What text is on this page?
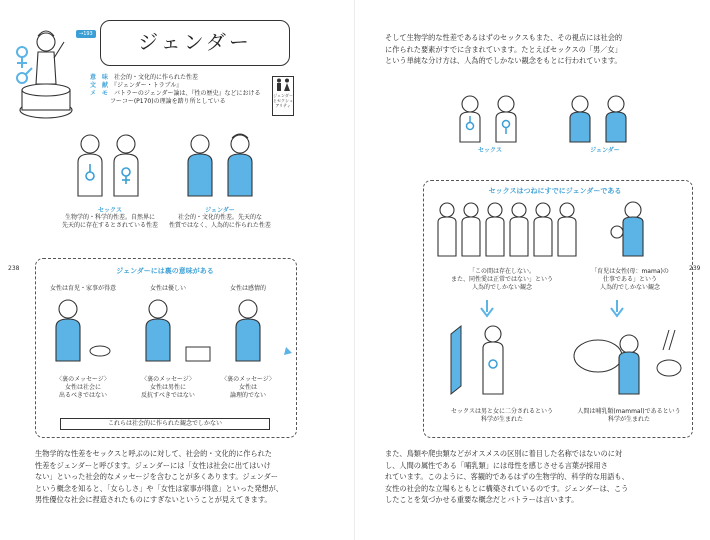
238
→193	ジェンダー
意　味　 社会的・文化的に作られた性差
文　献　 『ジェンダー・トラブル』
メ　モ　 バトラーのジェンダー論は、『性の歴史』などにおける
フーコー(P170)の理論を踏り所としている
ジェンダー
とセクシュ
アリティ
セックス
生物学的・科学的性差。自然界に
先天的に存在するとされている性差
ジェンダー
社会的・文化的性差。先天的な
性質ではなく、人為的に作られた性差
ジェンダーには裏の意味がある
女性は育児・家事が得意	女性は優しい	女性は感情的
〈裏のメッセージ〉
女性は社会に
出るべきではない
〈裏のメッセージ〉
女性は男性に
反抗すべきではない
〈裏のメッセージ〉
女性は
論理的でない
これらは社会的に作られた観念でしかない
生物学的な性差をセックスと呼ぶのに対して、社会的・文化的に作られた
性差をジェンダーと呼びます。ジェンダーには「女性は社会に出てはいけ
ない」といった社会的なメッセージを含むことが多くあります。ジェンダー
という概念を知ると、「女らしさ」や「女性は家事が得意」といった発想が、
男性優位な社会に捏造されたものにすぎないということが見えてきます。
239
そして生物学的な性差であるはずのセックスもまた、その視点には社会的
に作られた要素がすでに含まれています。たとえばセックスの「男／女」
という単純な分け方は、人為的でしかない観念をもとに行われています。
セックス	ジェンダー
セックスはつねにすでにジェンダーである
「この間は存在しない。
また、同性愛は正常ではない」という
人為的でしかない観念
「育児は女性(母：mama)の
仕事である」という
人為的でしかない観念
セックスは男と女に二分されるという
科学が生まれた
人間は哺乳類(mammal)であるという
科学が生まれた
また、鳥類や爬虫類などがオスメスの区別に着目した名称ではないのに対
し、人間の属性である「哺乳類」には母性を感じさせる言葉が採用さ
れています。このように、客観的であるはずの生物学的、科学的な用語も、
女性の社会的な立場もともとに構築されているのです。ジェンダーは、こう
したことを気づかせる重要な概念だとバトラーは言います。
